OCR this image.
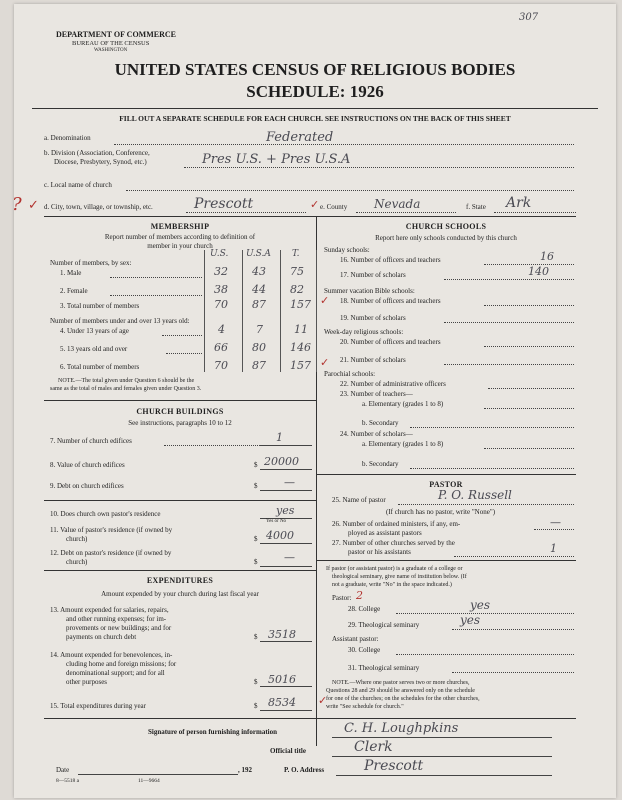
307
DEPARTMENT OF COMMERCE
BUREAU OF THE CENSUS
WASHINGTON
UNITED STATES CENSUS OF RELIGIOUS BODIES
SCHEDULE: 1926
FILL OUT A SEPARATE SCHEDULE FOR EACH CHURCH. SEE INSTRUCTIONS ON THE BACK OF THIS SHEET
a. Denomination	Federated
b. Division (Association, Conference,
Diocese, Presbytery, Synod, etc.)	Pres U.S. + Pres U.S.A
c. Local name of church
? ✓ d. City, town, village, or township, etc.	Prescott	✓ e. County Nevada	f. State Ark
MEMBERSHIP
Report number of members according to definition of
member in your church
U.S. U.S.A T.
Number of members, by sex:
1. Male	32 43 75
2. Female	38 44 82
3. Total number of members	70 87 157 ✓
Number of members under and over 13 years old:
4. Under 13 years of age	4	7	11
5. 13 years old and over	66 80 146
6. Total number of members	70 87 157 ✓
NOTE.—The total given under Question 6 should be the
same as the total of males and females given under Question 3.
CHURCH BUILDINGS
See instructions, paragraphs 10 to 12
7. Number of church edifices	1
8. Value of church edifices	$ 20000
9. Debt on church edifices	$ —
10. Does church own pastor's residence	yes
Yes or No
11. Value of pastor's residence (if owned by
church)	$ 4000
12. Debt on pastor's residence (if owned by
church)	$ —
EXPENDITURES
Amount expended by your church during last fiscal year
13. Amount expended for salaries, repairs,
and other running expenses; for im-
provements or new buildings; and for
payments on church debt	$ 3518
14. Amount expended for benevolences, in-
cluding home and foreign missions; for
denominational support; and for all
other purposes	$ 5016
15. Total expenditures during year	$ 8534 ✓
CHURCH SCHOOLS
Report here only schools conducted by this church
Sunday schools:
16. Number of officers and teachers	16
17. Number of scholars	140
Summer vacation Bible schools:
18. Number of officers and teachers
19. Number of scholars
Week-day religious schools:
20. Number of officers and teachers
21. Number of scholars
Parochial schools:
22. Number of administrative officers
23. Number of teachers—
a. Elementary (grades 1 to 8)
b. Secondary
24. Number of scholars—
a. Elementary (grades 1 to 8)
b. Secondary
PASTOR
25. Name of pastor	P. O. Russell
(If church has no pastor, write "None")
26. Number of ordained ministers, if any, em-
ployed as assistant pastors
—
27. Number of other churches served by the
pastor or his assistants	1
If pastor (or assistant pastor) is a graduate of a college or
theological seminary, give name of institution below. (If
not a graduate, write "No" in the space indicated.)
Pastor: 2
28. College	yes
29. Theological seminary	yes
Assistant pastor:
30. College
31. Theological seminary
NOTE.—Where one pastor serves two or more churches,
Questions 28 and 29 should be answered only on the schedule
for one of the churches; on the schedules for the other churches,
write "See schedule for church."
Signature of person furnishing information	C. H. Loughpkins
Official title	Clerk
Date	, 192	P. O. Address	Prescott
8—5518 a	11—9664
